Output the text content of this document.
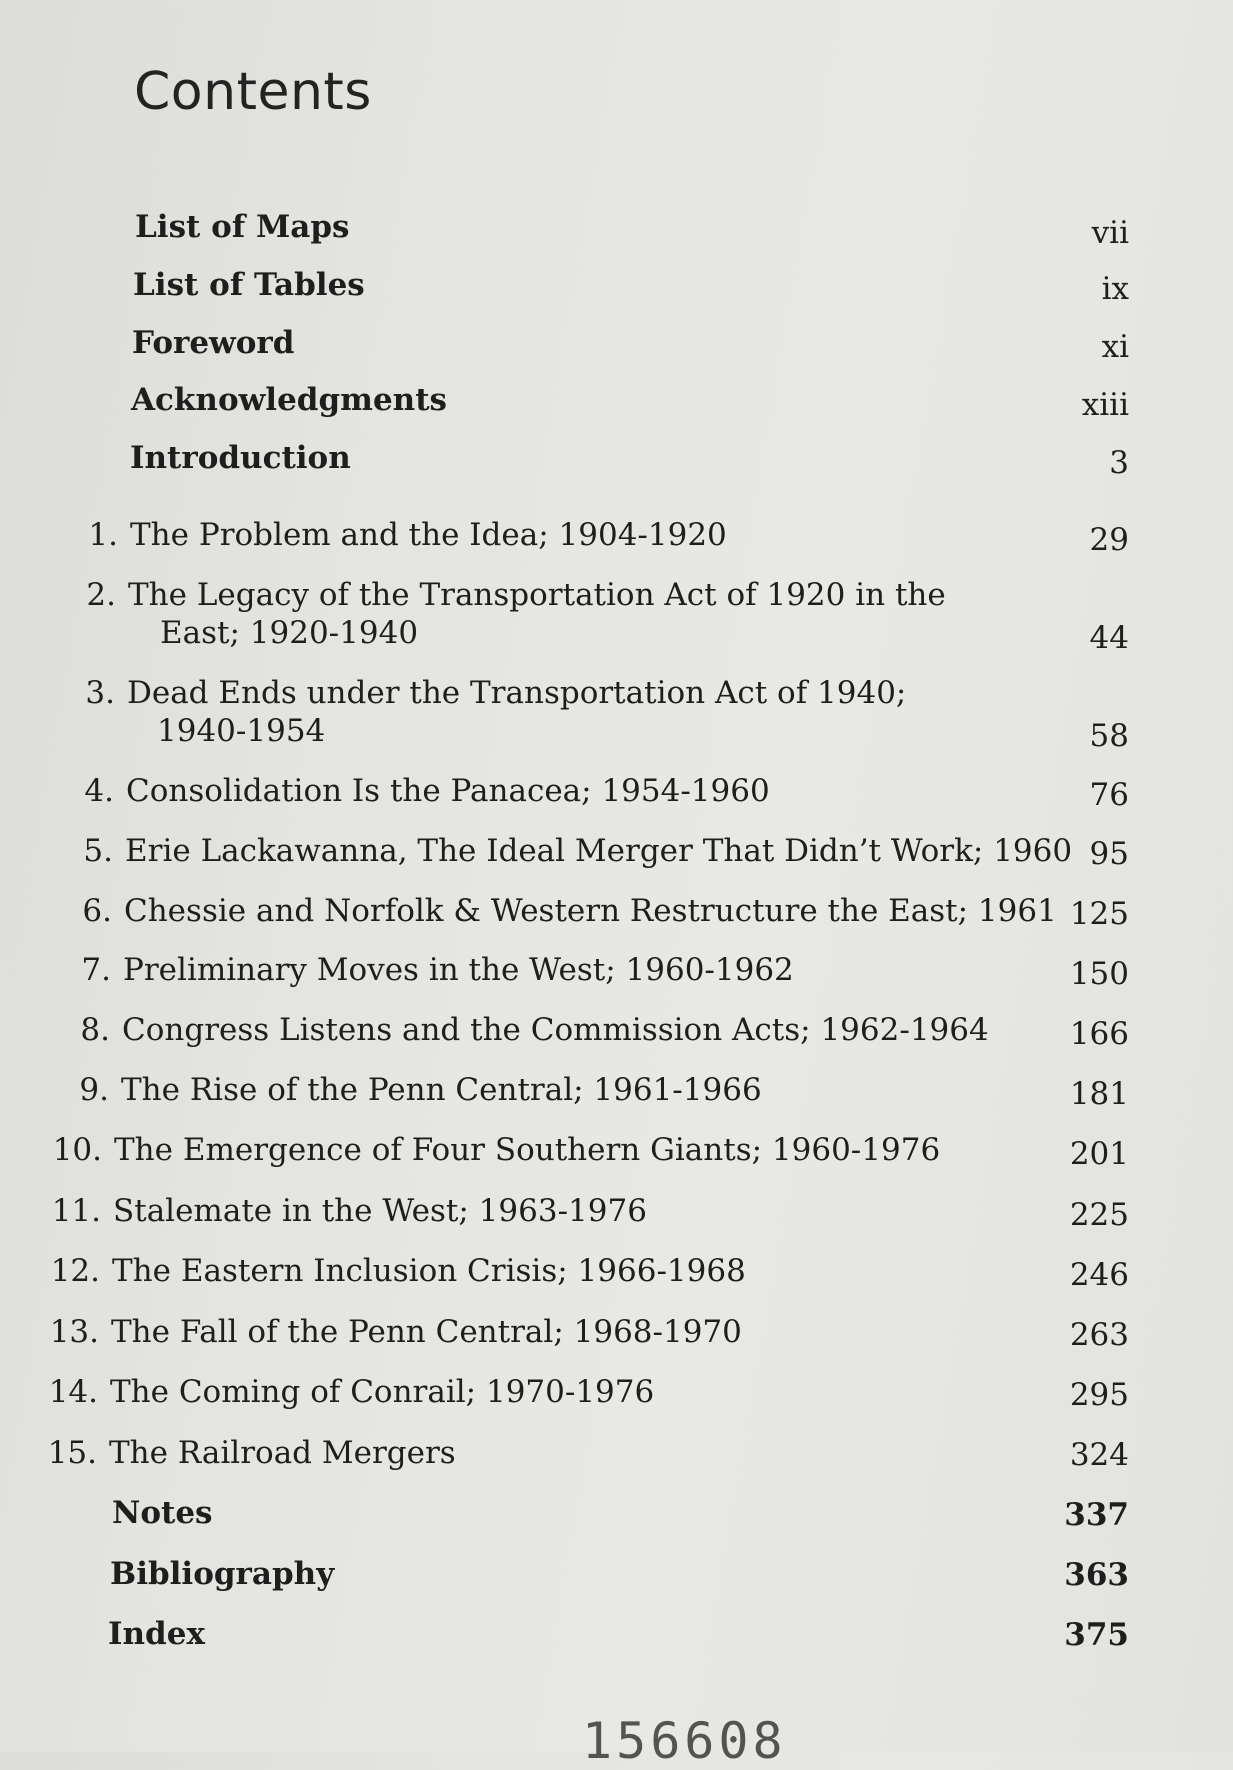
Contents
List of Maps	vii
List of Tables	ix
Foreword	xi
Acknowledgments	xiii
Introduction	3
1. The Problem and the Idea; 1904-1920	29
2. The Legacy of the Transportation Act of 1920 in the
East; 1920-1940	44
3. Dead Ends under the Transportation Act of 1940;
1940-1954	58
4. Consolidation Is the Panacea; 1954-1960	76
5. Erie Lackawanna, The Ideal Merger That Didn’t Work; 1960 95
6. Chessie and Norfolk & Western Restructure the East; 1961 125
7. Preliminary Moves in the West; 1960-1962	150
8. Congress Listens and the Commission Acts; 1962-1964	166
9. The Rise of the Penn Central; 1961-1966	181
10. The Emergence of Four Southern Giants; 1960-1976	201
11. Stalemate in the West; 1963-1976	225
12. The Eastern Inclusion Crisis; 1966-1968	246
13. The Fall of the Penn Central; 1968-1970	263
14. The Coming of Conrail; 1970-1976	295
15. The Railroad Mergers	324
Notes	337
Bibliography	363
Index	375
156608
